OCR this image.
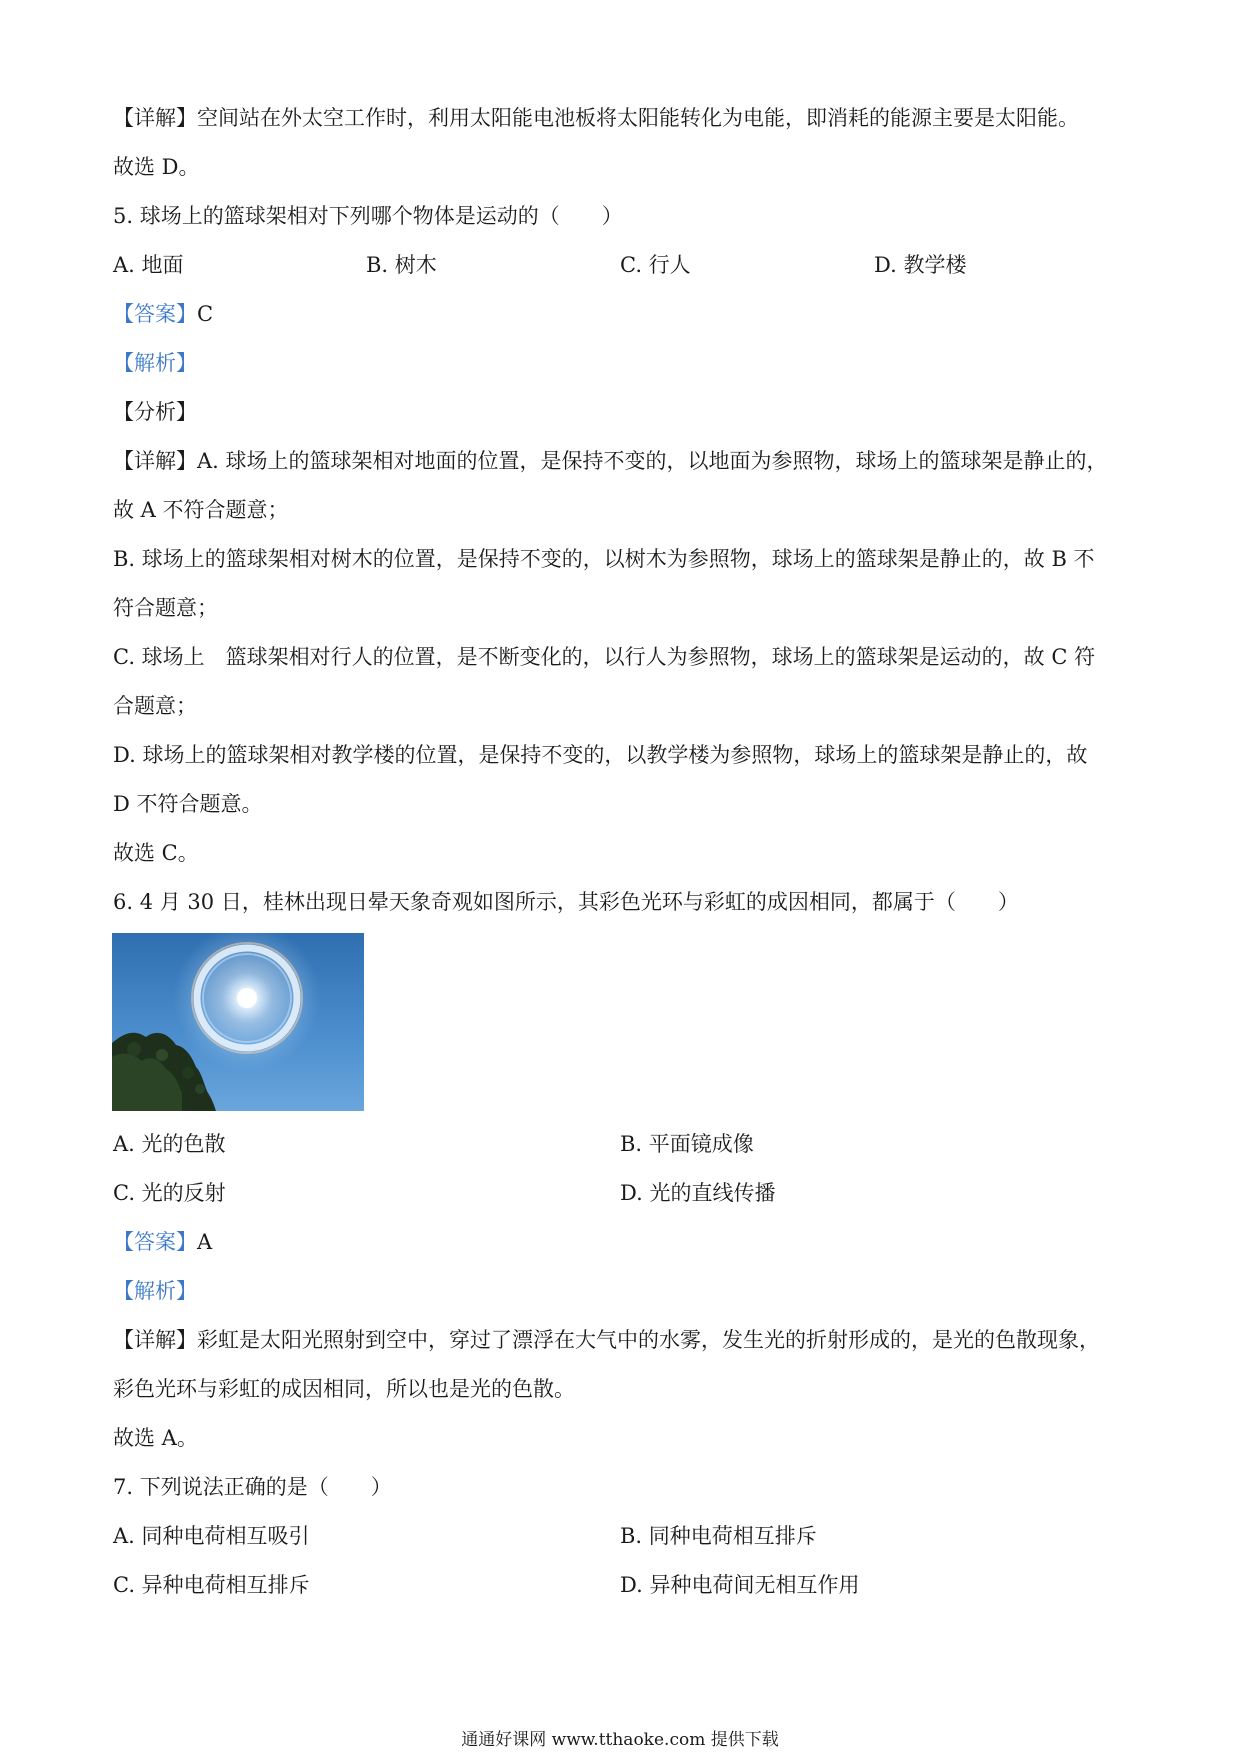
【详解】空间站在外太空工作时，利用太阳能电池板将太阳能转化为电能，即消耗的能源主要是太阳能。
故选 D。
5. 球场上的篮球架相对下列哪个物体是运动的（　　）
A. 地面	B. 树木	C. 行人	D. 教学楼
【答案】C
【解析】
【分析】
【详解】A. 球场上的篮球架相对地面的位置，是保持不变的，以地面为参照物，球场上的篮球架是静止的，
故 A 不符合题意；
B. 球场上的篮球架相对树木的位置，是保持不变的，以树木为参照物，球场上的篮球架是静止的，故 B 不
符合题意；
C. 球场上　篮球架相对行人的位置，是不断变化的，以行人为参照物，球场上的篮球架是运动的，故 C 符
合题意；
D. 球场上的篮球架相对教学楼的位置，是保持不变的，以教学楼为参照物，球场上的篮球架是静止的，故
D 不符合题意。
故选 C。
6. 4 月 30 日，桂林出现日晕天象奇观如图所示，其彩色光环与彩虹的成因相同，都属于（　　）
A. 光的色散	B. 平面镜成像
C. 光的反射	D. 光的直线传播
【答案】A
【解析】
【详解】彩虹是太阳光照射到空中，穿过了漂浮在大气中的水雾，发生光的折射形成的，是光的色散现象，
彩色光环与彩虹的成因相同，所以也是光的色散。
故选 A。
7. 下列说法正确的是（　　）
A. 同种电荷相互吸引	B. 同种电荷相互排斥
C. 异种电荷相互排斥	D. 异种电荷间无相互作用
通通好课网 www.tthaoke.com 提供下载
